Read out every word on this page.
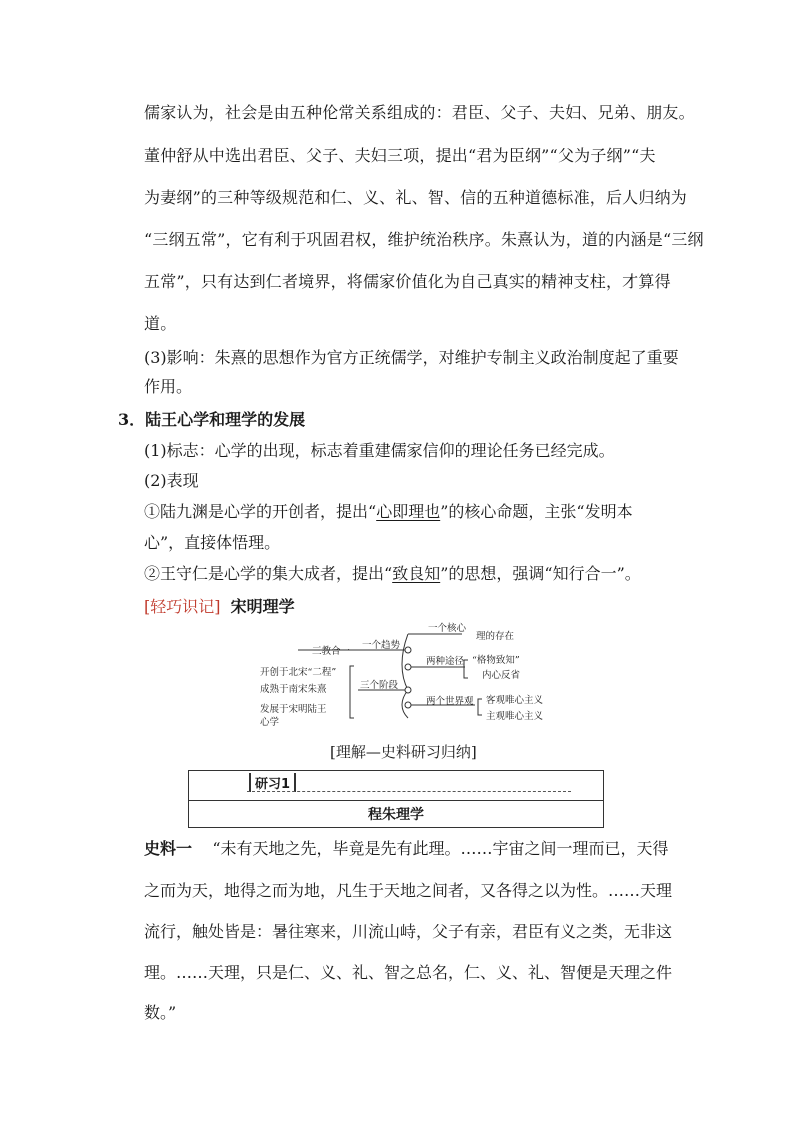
儒家认为，社会是由五种伦常关系组成的：君臣、父子、夫妇、兄弟、朋友。
董仲舒从中选出君臣、父子、夫妇三项，提出“君为臣纲”“父为子纲”“夫
为妻纲”的三种等级规范和仁、义、礼、智、信的五种道德标准，后人归纳为
“三纲五常”，它有利于巩固君权，维护统治秩序。朱熹认为，道的内涵是“三纲
五常”，只有达到仁者境界，将儒家价值化为自己真实的精神支柱，才算得
道。
(3)影响：朱熹的思想作为官方正统儒学，对维护专制主义政治制度起了重要
作用。
3．陆王心学和理学的发展
(1)标志：心学的出现，标志着重建儒家信仰的理论任务已经完成。
(2)表现
①陆九渊是心学的开创者，提出“心即理也”的核心命题，主张“发明本
心”，直接体悟理。
②王守仁是心学的集大成者，提出“致良知”的思想，强调“知行合一”。
[轻巧识记] 宋明理学
三教合一
一个趋势
一个核心
理的存在
两种途径 “格物致知”
内心反省
三个阶段
开创于北宋“二程”
成熟于南宋朱熹
发展于宋明陆王
心学
两个世界观 客观唯心主义
主观唯心主义
[理解—史料研习归纳]
研习1
程朱理学
史料一 “未有天地之先，毕竟是先有此理。……宇宙之间一理而已，天得
之而为天，地得之而为地，凡生于天地之间者，又各得之以为性。……天理
流行，触处皆是：暑往寒来，川流山峙，父子有亲，君臣有义之类，无非这
理。……天理，只是仁、义、礼、智之总名，仁、义、礼、智便是天理之件
数。”
